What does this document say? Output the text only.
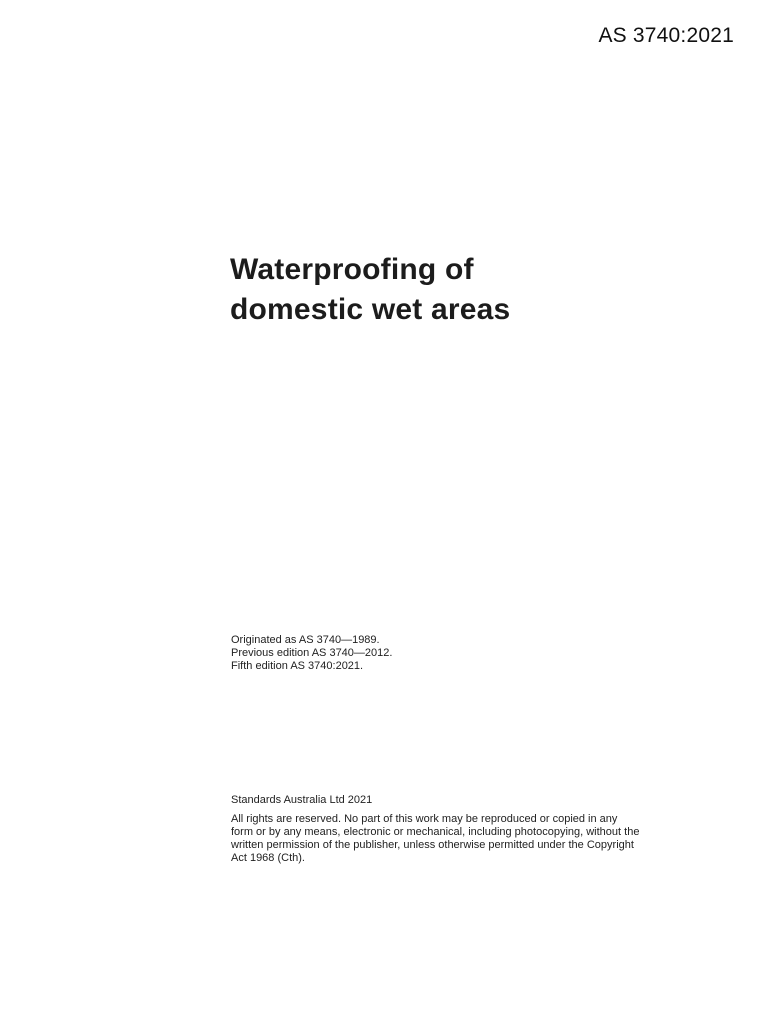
AS 3740:2021
Waterproofing of
domestic wet areas
Originated as AS 3740—1989.
Previous edition AS 3740—2012.
Fifth edition AS 3740:2021.
Standards Australia Ltd 2021
All rights are reserved. No part of this work may be reproduced or copied in any
form or by any means, electronic or mechanical, including photocopying, without the
written permission of the publisher, unless otherwise permitted under the Copyright
Act 1968 (Cth).
